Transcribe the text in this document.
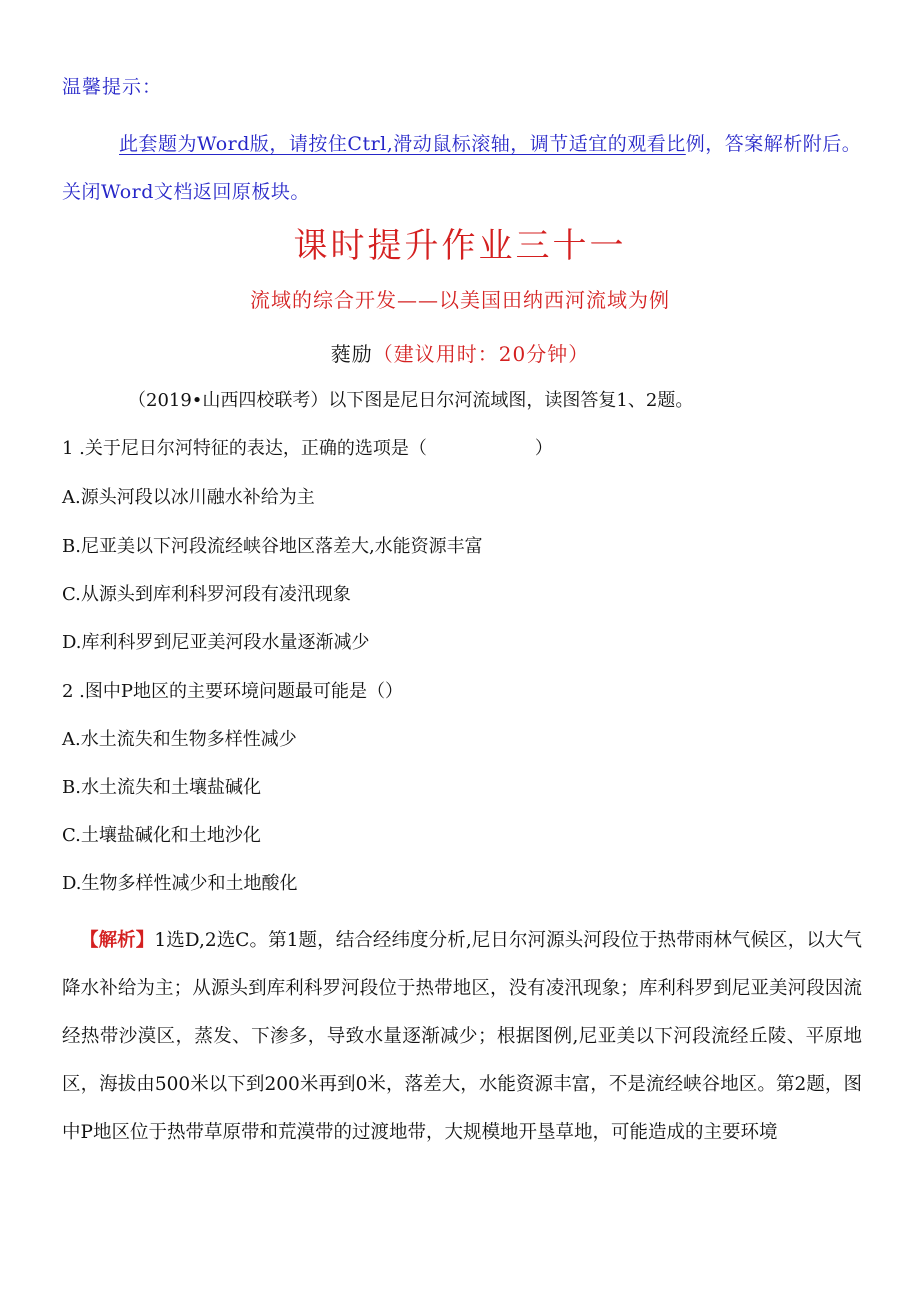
温馨提示：
此套题为Word版，请按住Ctrl,滑动鼠标滚轴，调节适宜的观看比例，答案解析附后。关闭Word文档返回原板块。
课时提升作业三十一
流域的综合开发——以美国田纳西河流域为例
蕤励（建议用时：20分钟）
（2019•山西四校联考）以下图是尼日尔河流域图，读图答复1、2题。
1 .关于尼日尔河特征的表达，正确的选项是（　　　　　　）
A.源头河段以冰川融水补给为主
B.尼亚美以下河段流经峡谷地区落差大,水能资源丰富
C.从源头到库利科罗河段有凌汛现象
D.库利科罗到尼亚美河段水量逐渐减少
2 .图中P地区的主要环境问题最可能是（）
A.水土流失和生物多样性减少
B.水土流失和土壤盐碱化
C.土壤盐碱化和土地沙化
D.生物多样性减少和土地酸化
【解析】1选D,2选C。第1题，结合经纬度分析,尼日尔河源头河段位于热带雨林气候区，以大气降水补给为主；从源头到库利科罗河段位于热带地区，没有凌汛现象；库利科罗到尼亚美河段因流经热带沙漠区，蒸发、下渗多，导致水量逐渐减少；根据图例,尼亚美以下河段流经丘陵、平原地区，海拔由500米以下到200米再到0米，落差大，水能资源丰富，不是流经峡谷地区。第2题，图中P地区位于热带草原带和荒漠带的过渡地带，大规模地开垦草地，可能造成的主要环境
